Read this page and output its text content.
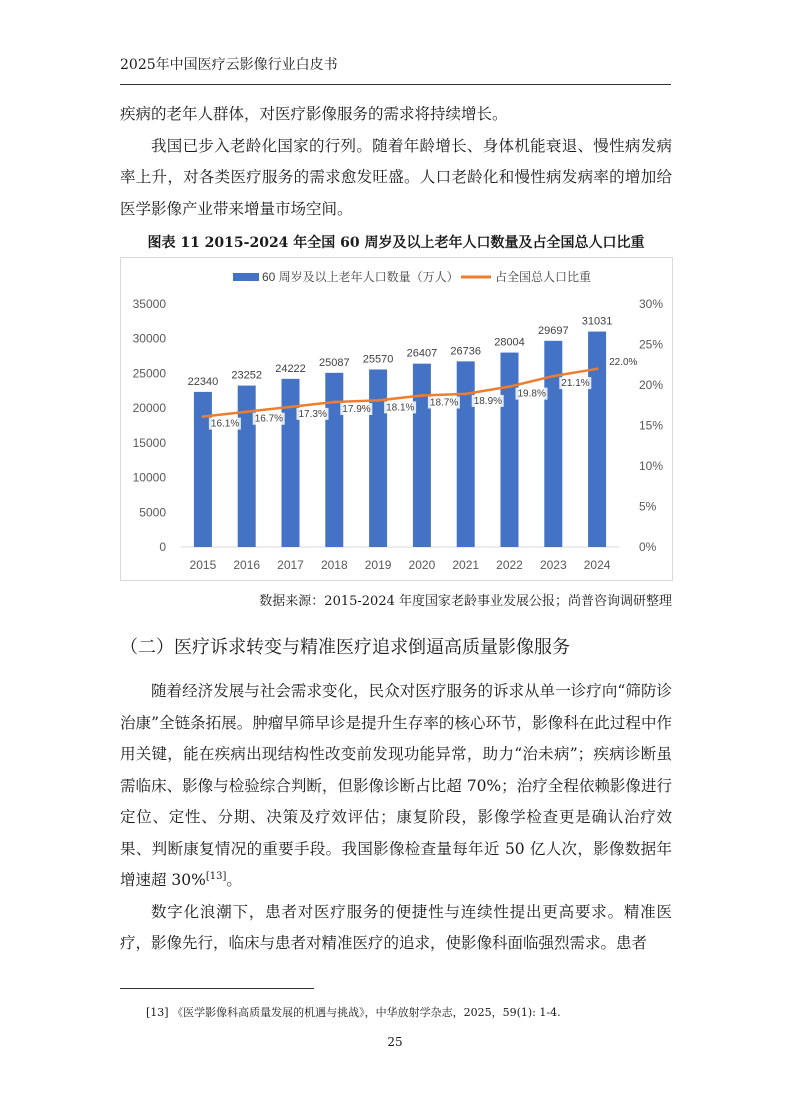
2025年中国医疗云影像行业白皮书

疾病的老年人群体，对医疗影像服务的需求将持续增长。

我国已步入老龄化国家的行列。随着年龄增长、身体机能衰退、慢性病发病率上升，对各类医疗服务的需求愈发旺盛。人口老龄化和慢性病发病率的增加给医学影像产业带来增量市场空间。

图表 11 2015-2024 年全国 60 周岁及以上老年人口数量及占全国总人口比重
0
5000
10000
15000
20000
25000
30000
35000
0%
5%
10%
15%
20%
25%
30%
22340
23252
24222
25087 25570 26407 26736
28004
29697
31031
2015 2016 2017 2018 2019 2020 2021 2022 2023 2024
16.1% 16.7% 17.3% 17.9% 18.1% 18.7% 18.9%
19.8%
21.1%
22.0%
60 周岁及以上老年人口数量（万人）	占全国总人口比重
数据来源：2015-2024 年度国家老龄事业发展公报；尚普咨询调研整理
（二）医疗诉求转变与精准医疗追求倒逼高质量影像服务

随着经济发展与社会需求变化，民众对医疗服务的诉求从单一诊疗向“筛防诊治康”全链条拓展。肿瘤早筛早诊是提升生存率的核心环节，影像科在此过程中作用关键，能在疾病出现结构性改变前发现功能异常，助力“治未病”；疾病诊断虽需临床、影像与检验综合判断，但影像诊断占比超 70%；治疗全程依赖影像进行定位、定性、分期、决策及疗效评估；康复阶段，影像学检查更是确认治疗效果、判断康复情况的重要手段。我国影像检查量每年近 50 亿人次，影像数据年增速超 30%[13]。

数字化浪潮下，患者对医疗服务的便捷性与连续性提出更高要求。精准医疗，影像先行，临床与患者对精准医疗的追求，使影像科面临强烈需求。患者

[13] 《医学影像科高质量发展的机遇与挑战》，中华放射学杂志，2025，59(1): 1-4.
25
